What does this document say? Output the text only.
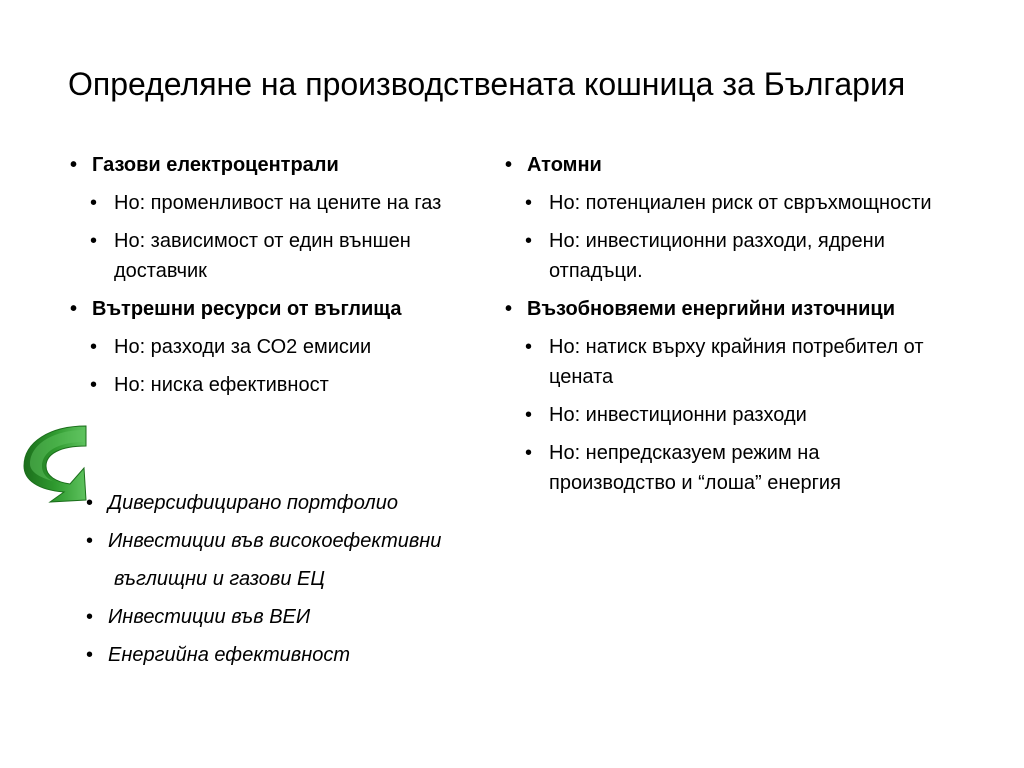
Определяне на производствената кошница за България
• Газови електроцентрали
• Но: променливост на цените на газ
• Но: зависимост от един външен доставчик
• Вътрешни ресурси от въглища
• Но: разходи за СО2 емисии
• Но: ниска ефективност
• Атомни
• Но: потенциален риск от свръхмощности
• Но: инвестиционни разходи, ядрени отпадъци.
• Възобновяеми енергийни източници
• Но: натиск върху крайния потребител от цената
• Но: инвестиционни разходи
• Но: непредсказуем режим на производство и “лоша” енергия
• Диверсифицирано портфолио
• Инвестиции във високоефективни
въглищни и газови ЕЦ
• Инвестиции във ВЕИ
• Енергийна ефективност
